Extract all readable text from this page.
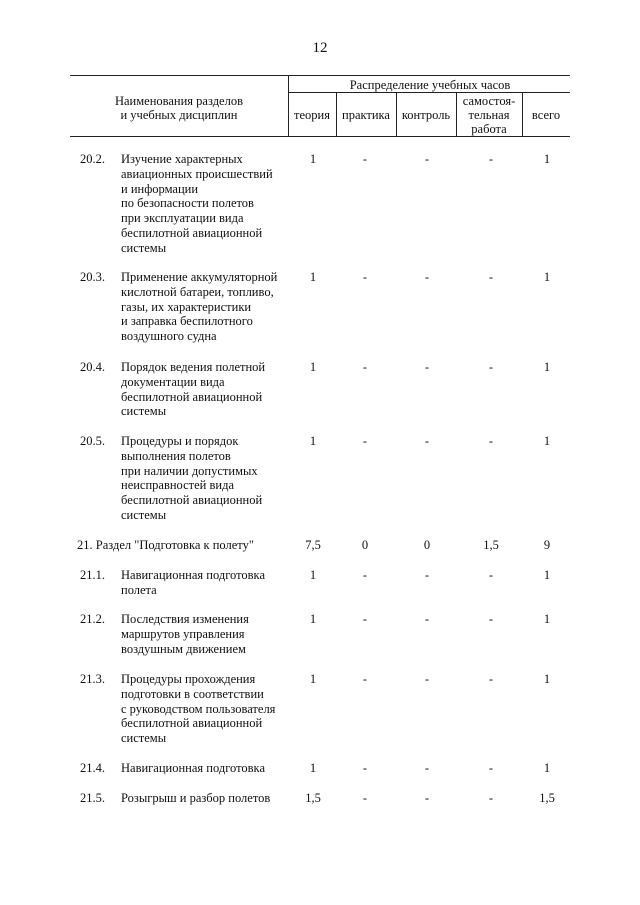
12
Наименования разделов
и учебных дисциплин
Распределение учебных часов
теория практика контроль
самостоя-
тельная
работа
всего
20.2. Изучение характерных
авиационных происшествий
и информации
по безопасности полетов
при эксплуатации вида
беспилотной авиационной
системы
1	-	-	-	1
20.3. Применение аккумуляторной
кислотной батареи, топливо,
газы, их характеристики
и заправка беспилотного
воздушного судна
1	-	-	-	1
20.4. Порядок ведения полетной
документации вида
беспилотной авиационной
системы
1	-	-	-	1
20.5. Процедуры и порядок
выполнения полетов
при наличии допустимых
неисправностей вида
беспилотной авиационной
системы
1	-	-	-	1
21. Раздел "Подготовка к полету"	7,5	0	0	1,5	9
21.1. Навигационная подготовка
полета
1	-	-	-	1
21.2. Последствия изменения
маршрутов управления
воздушным движением
1	-	-	-	1
21.3. Процедуры прохождения
подготовки в соответствии
с руководством пользователя
беспилотной авиационной
системы
1	-	-	-	1
21.4. Навигационная подготовка	1	-	-	-	1
21.5. Розыгрыш и разбор полетов	1,5	-	-	-	1,5
